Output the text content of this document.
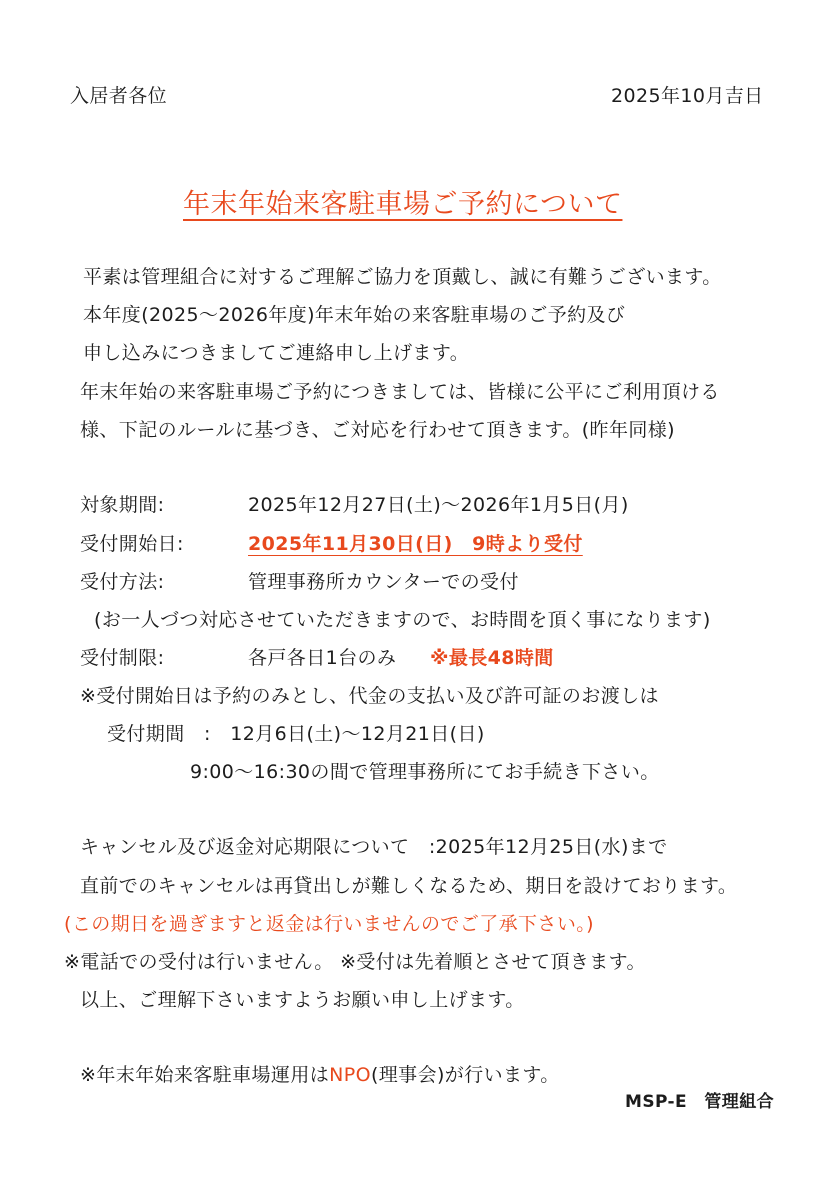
入居者各位	2025年10月吉日
年末年始来客駐車場ご予約について
平素は管理組合に対するご理解ご協力を頂戴し、誠に有難うございます。
本年度(2025～2026年度)年末年始の来客駐車場のご予約及び
申し込みにつきましてご連絡申し上げます。
年末年始の来客駐車場ご予約につきましては、皆様に公平にご利用頂ける
様、下記のルールに基づき、ご対応を行わせて頂きます。(昨年同様)
対象期間:	2025年12月27日(土)～2026年1月5日(月)
受付開始日:	2025年11月30日(日)　9時より受付
受付方法:	管理事務所カウンターでの受付
(お一人づつ対応させていただきますので、お時間を頂く事になります)
受付制限:	各戸各日1台のみ ※最長48時間
※受付開始日は予約のみとし、代金の支払い及び許可証のお渡しは
受付期間　:　12月6日(土)～12月21日(日)
9:00～16:30の間で管理事務所にてお手続き下さい。
キャンセル及び返金対応期限について　:2025年12月25日(水)まで
直前でのキャンセルは再貸出しが難しくなるため、期日を設けております。
(この期日を過ぎますと返金は行いませんのでご了承下さい。)
※電話での受付は行いません。 ※受付は先着順とさせて頂きます。
以上、ご理解下さいますようお願い申し上げます。
※年末年始来客駐車場運用はNPO(理事会)が行います。
MSP-E　管理組合
